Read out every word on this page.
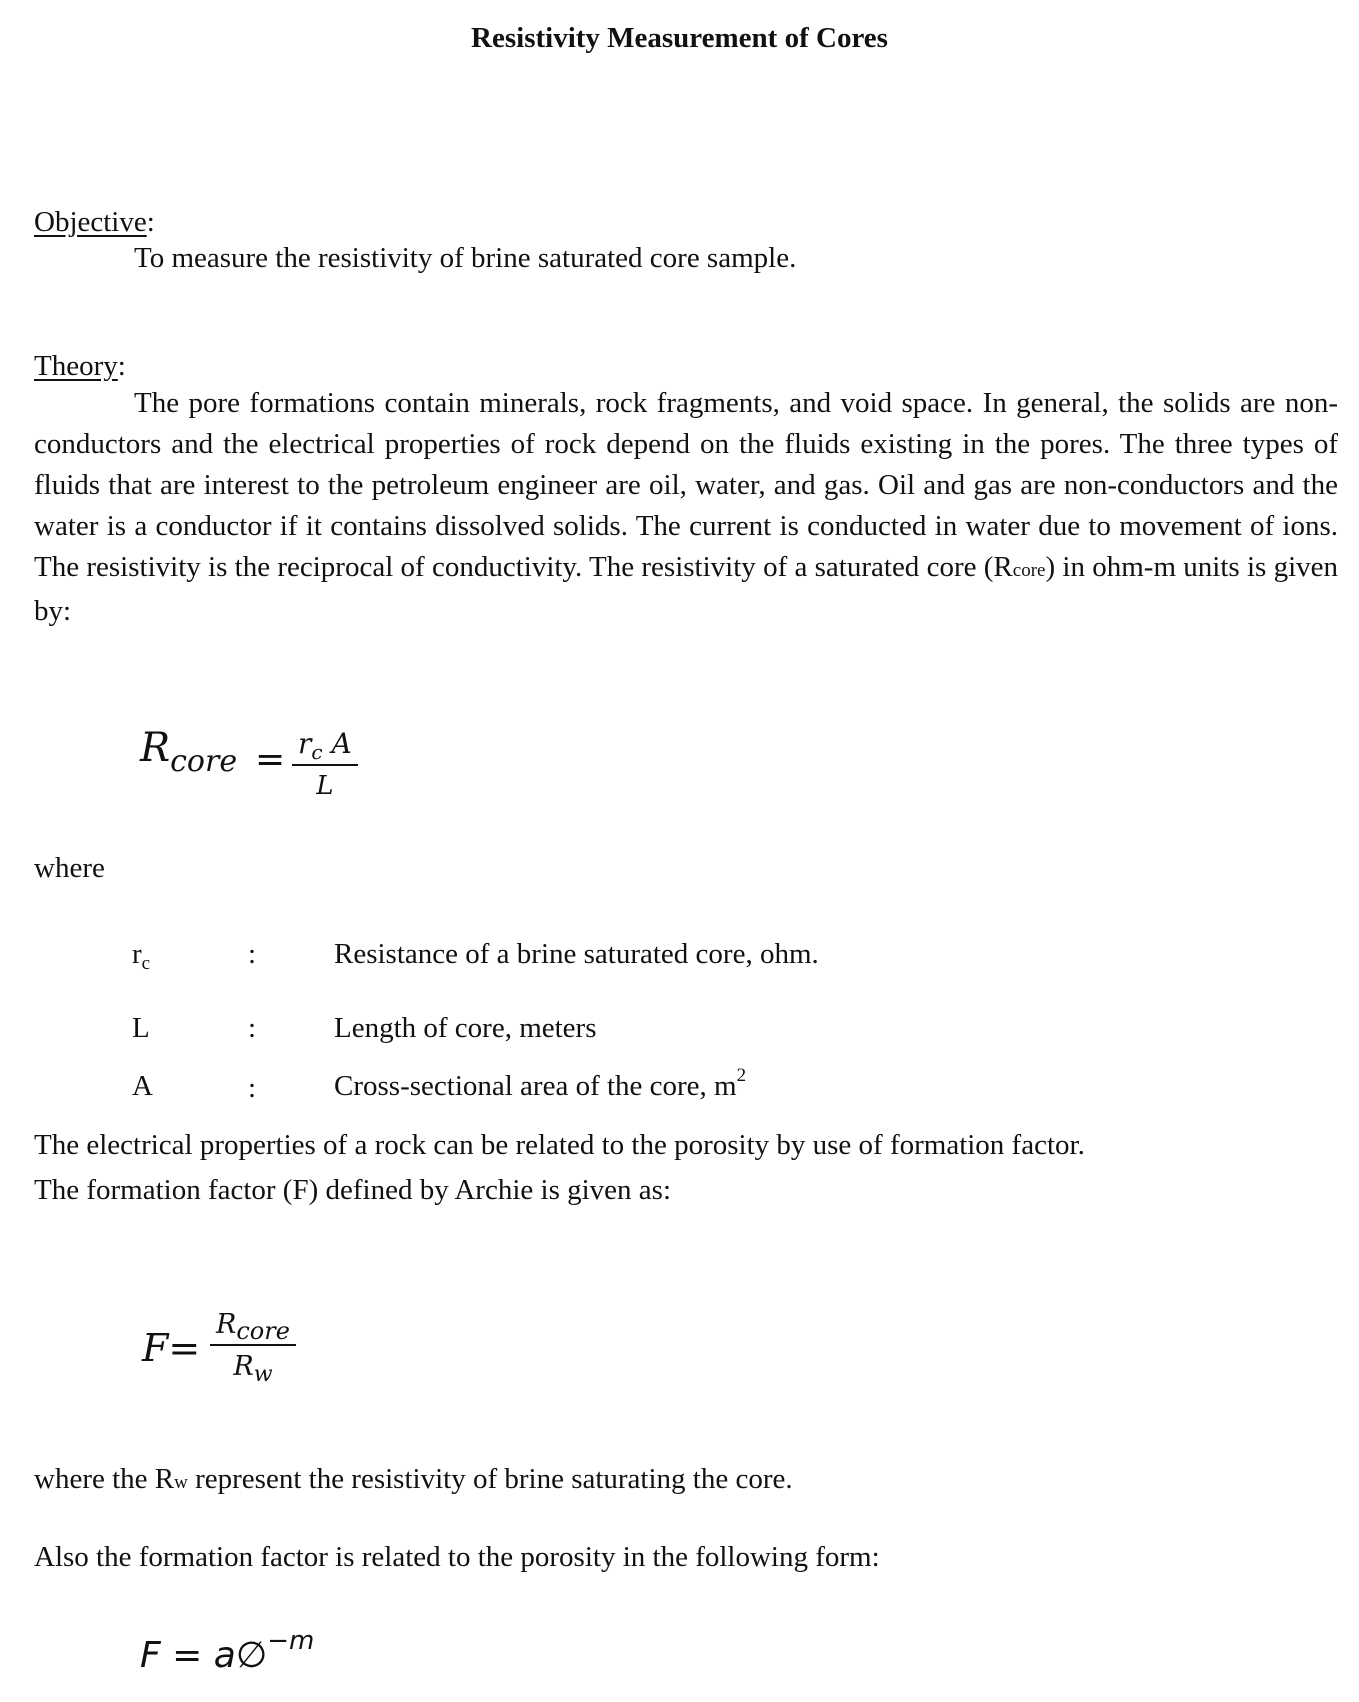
Resistivity Measurement of Cores
Objective:
To measure the resistivity of brine saturated core sample.
Theory:
The pore formations contain minerals, rock fragments, and void space. In general, the solids are non-conductors and the electrical properties of rock depend on the fluids existing in the pores. The three types of fluids that are interest to the petroleum engineer are oil, water, and gas. Oil and gas are non-conductors and the water is a conductor if it contains dissolved solids. The current is conducted in water due to movement of ions. The resistivity is the reciprocal of conductivity. The resistivity of a saturated core (Rcore) in ohm-m units is given by:
$R_{core} = \frac{r_c A}{L}$
where
$r_c$	:	Resistance of a brine saturated core, ohm.
L	:	Length of core, meters
A	:	Cross-sectional area of the core, $m^2$
The electrical properties of a rock can be related to the porosity by use of formation factor.
The formation factor (F) defined by Archie is given as:
$F= \frac{\text{Rcore}}{R_w}$
where the Rw represent the resistivity of brine saturating the core.
Also the formation factor is related to the porosity in the following form:
F = a∅$^{-m}$
